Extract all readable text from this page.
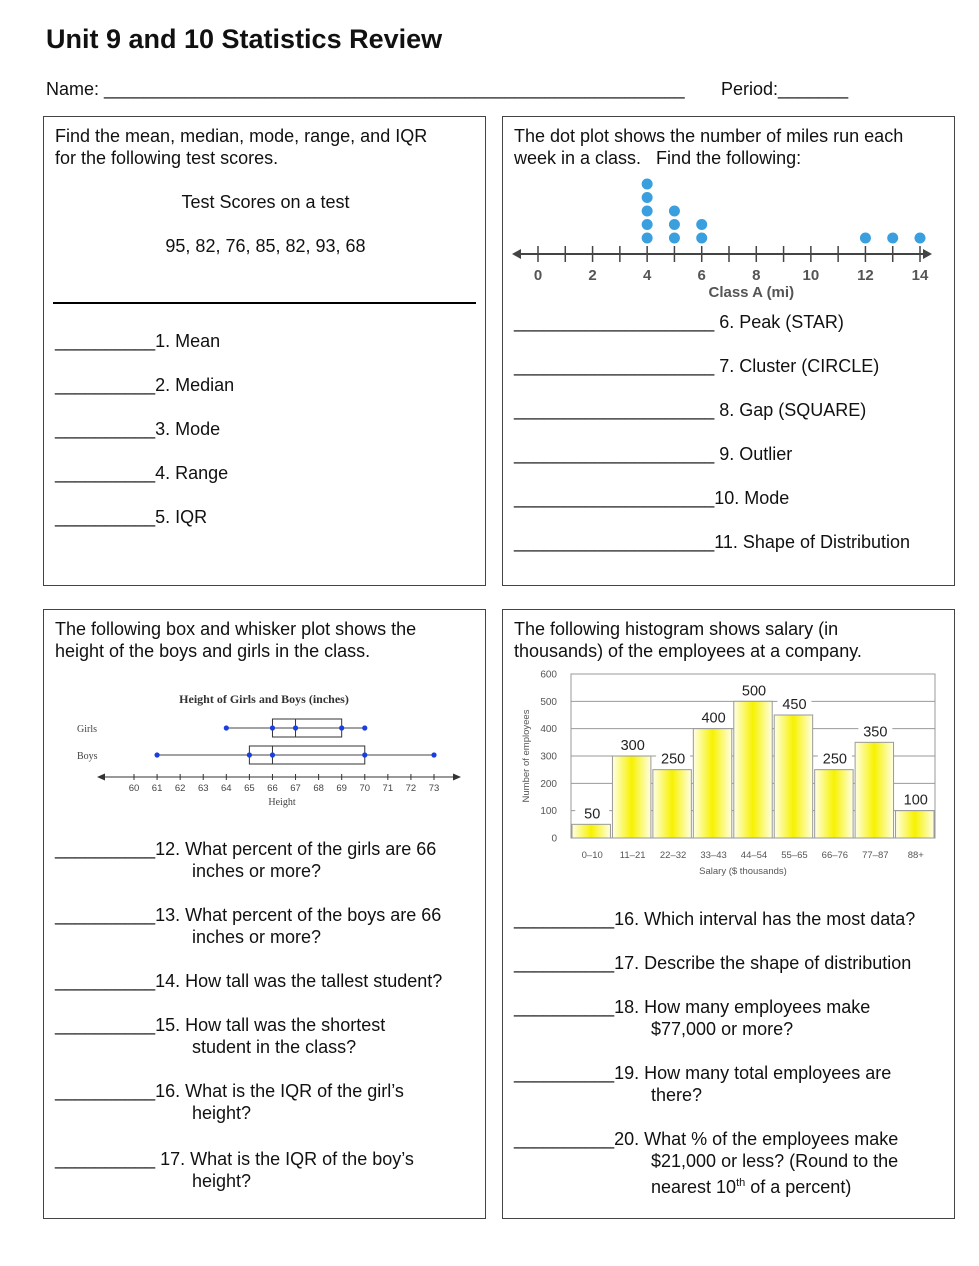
Unit 9 and 10 Statistics Review
Name: __________________________________________________________ Period:_______
Find the mean, median, mode, range, and IQR
for the following test scores.
Test Scores on a test
95, 82, 76, 85, 82, 93, 68
__________1. Mean
__________2. Median
__________3. Mode
__________4. Range
__________5. IQR
The dot plot shows the number of miles run each
week in a class.   Find the following:
0	2	4	6	8	10	12	14
Class A (mi)
____________________ 6. Peak (STAR)
____________________ 7. Cluster (CIRCLE)
____________________ 8. Gap (SQUARE)
____________________ 9. Outlier
____________________10. Mode
____________________11. Shape of Distribution
The following box and whisker plot shows the
height of the boys and girls in the class.
Height of Girls and Boys (inches)
Girls
Boys
60 61 62 63 64 65 66 67 68 69 70 71 72 73
Height
__________12. What percent of the girls are 66
inches or more?
__________13. What percent of the boys are 66
inches or more?
__________14. How tall was the tallest student?
__________15. How tall was the shortest
student in the class?
__________16. What is the IQR of the girl’s
height?
__________ 17. What is the IQR of the boy’s
height?
The following histogram shows salary (in
thousands) of the employees at a company.
50
300
250
400
500
450
250
350
100
0
100
200
300
400
500
600
0–10 11–21 22–32 33–43 44–54 55–65 66–76 77–87 88+
Salary ($ thousands)
Number of employees
__________16. Which interval has the most data?
__________17. Describe the shape of distribution
__________18. How many employees make
$77,000 or more?
__________19. How many total employees are
there?
__________20. What % of the employees make
$21,000 or less? (Round to the
nearest 10th of a percent)
